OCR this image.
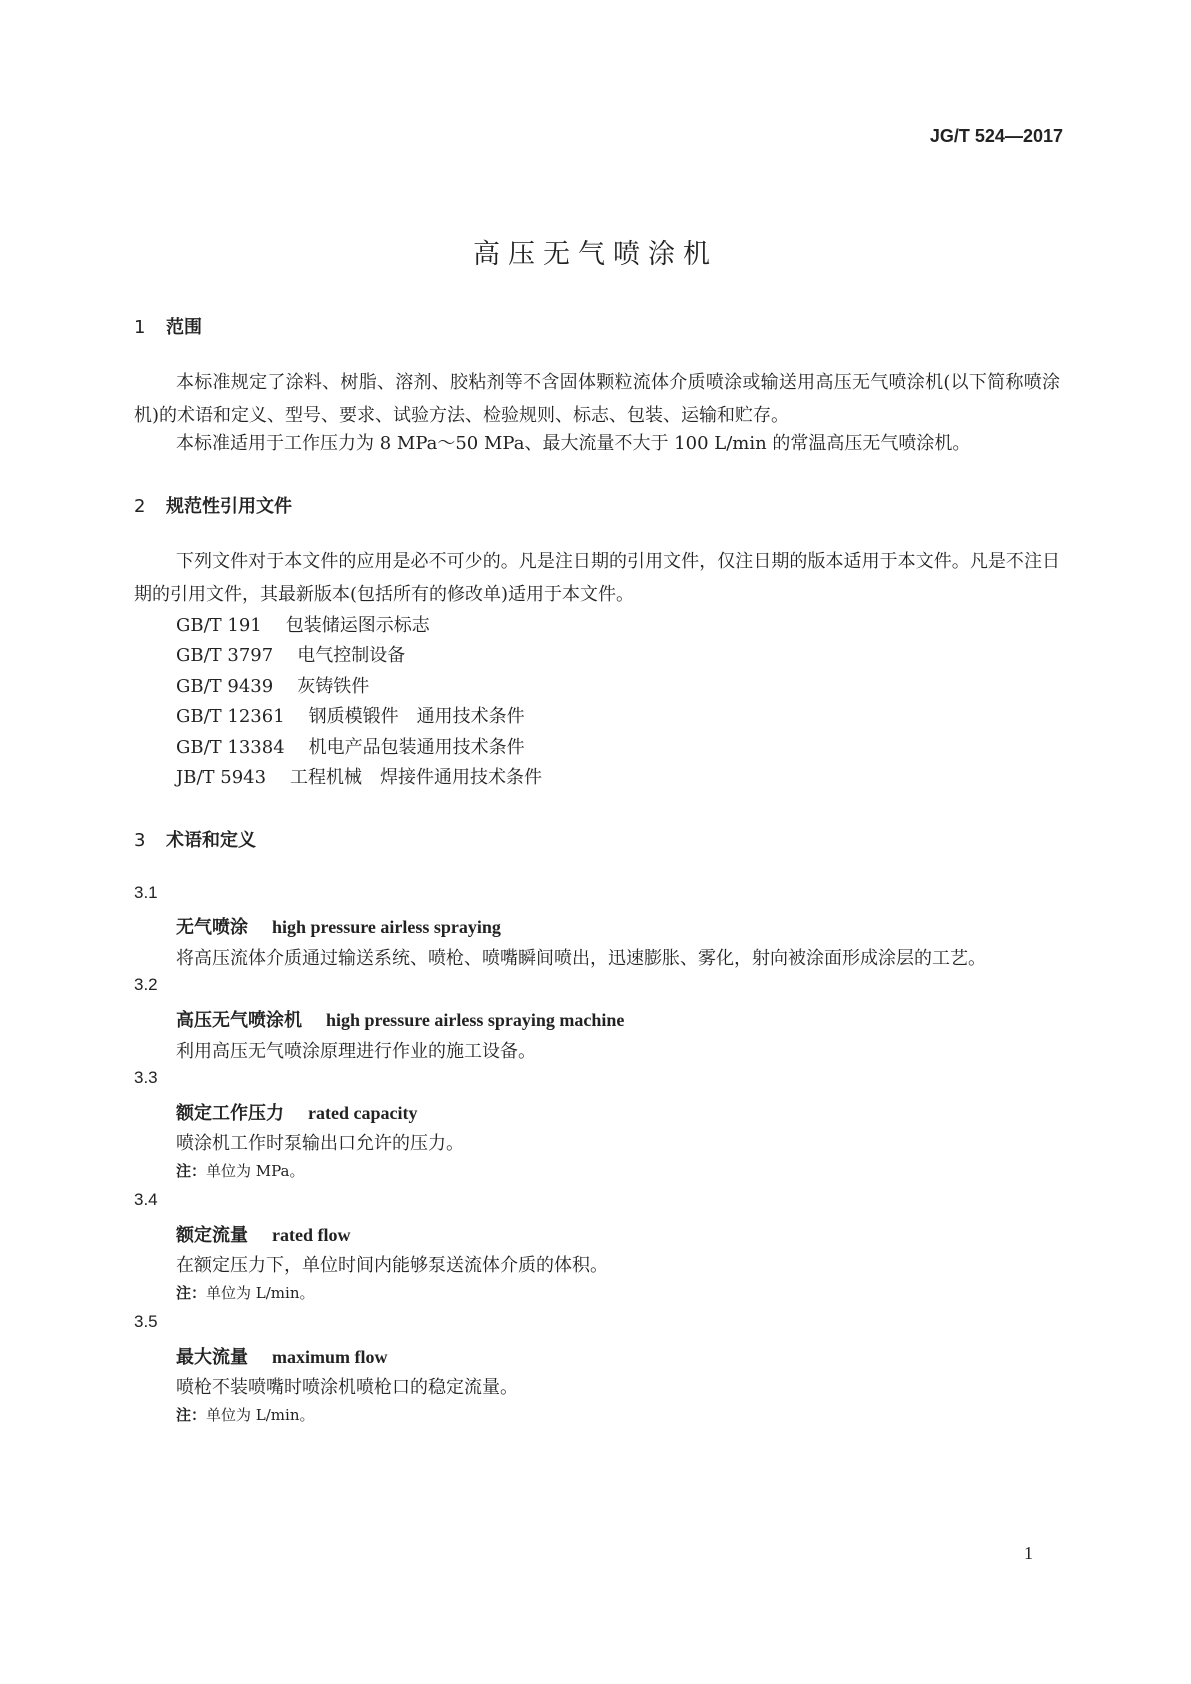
JG/T 524—2017
高压无气喷涂机
1 范围
本标准规定了涂料、树脂、溶剂、胶粘剂等不含固体颗粒流体介质喷涂或输送用高压无气喷涂机(以下简称喷涂机)的术语和定义、型号、要求、试验方法、检验规则、标志、包装、运输和贮存。
本标准适用于工作压力为 8 MPa～50 MPa、最大流量不大于 100 L/min 的常温高压无气喷涂机。
2 规范性引用文件
下列文件对于本文件的应用是必不可少的。凡是注日期的引用文件，仅注日期的版本适用于本文件。凡是不注日期的引用文件，其最新版本(包括所有的修改单)适用于本文件。
GB/T 191 包装储运图示标志
GB/T 3797 电气控制设备
GB/T 9439 灰铸铁件
GB/T 12361 钢质模锻件　通用技术条件
GB/T 13384 机电产品包装通用技术条件
JB/T 5943 工程机械　焊接件通用技术条件
3 术语和定义
3.1
无气喷涂 high pressure airless spraying
将高压流体介质通过输送系统、喷枪、喷嘴瞬间喷出，迅速膨胀、雾化，射向被涂面形成涂层的工艺。
3.2
高压无气喷涂机 high pressure airless spraying machine
利用高压无气喷涂原理进行作业的施工设备。
3.3
额定工作压力 rated capacity
喷涂机工作时泵输出口允许的压力。
注：单位为 MPa。
3.4
额定流量 rated flow
在额定压力下，单位时间内能够泵送流体介质的体积。
注：单位为 L/min。
3.5
最大流量 maximum flow
喷枪不装喷嘴时喷涂机喷枪口的稳定流量。
注：单位为 L/min。
1
